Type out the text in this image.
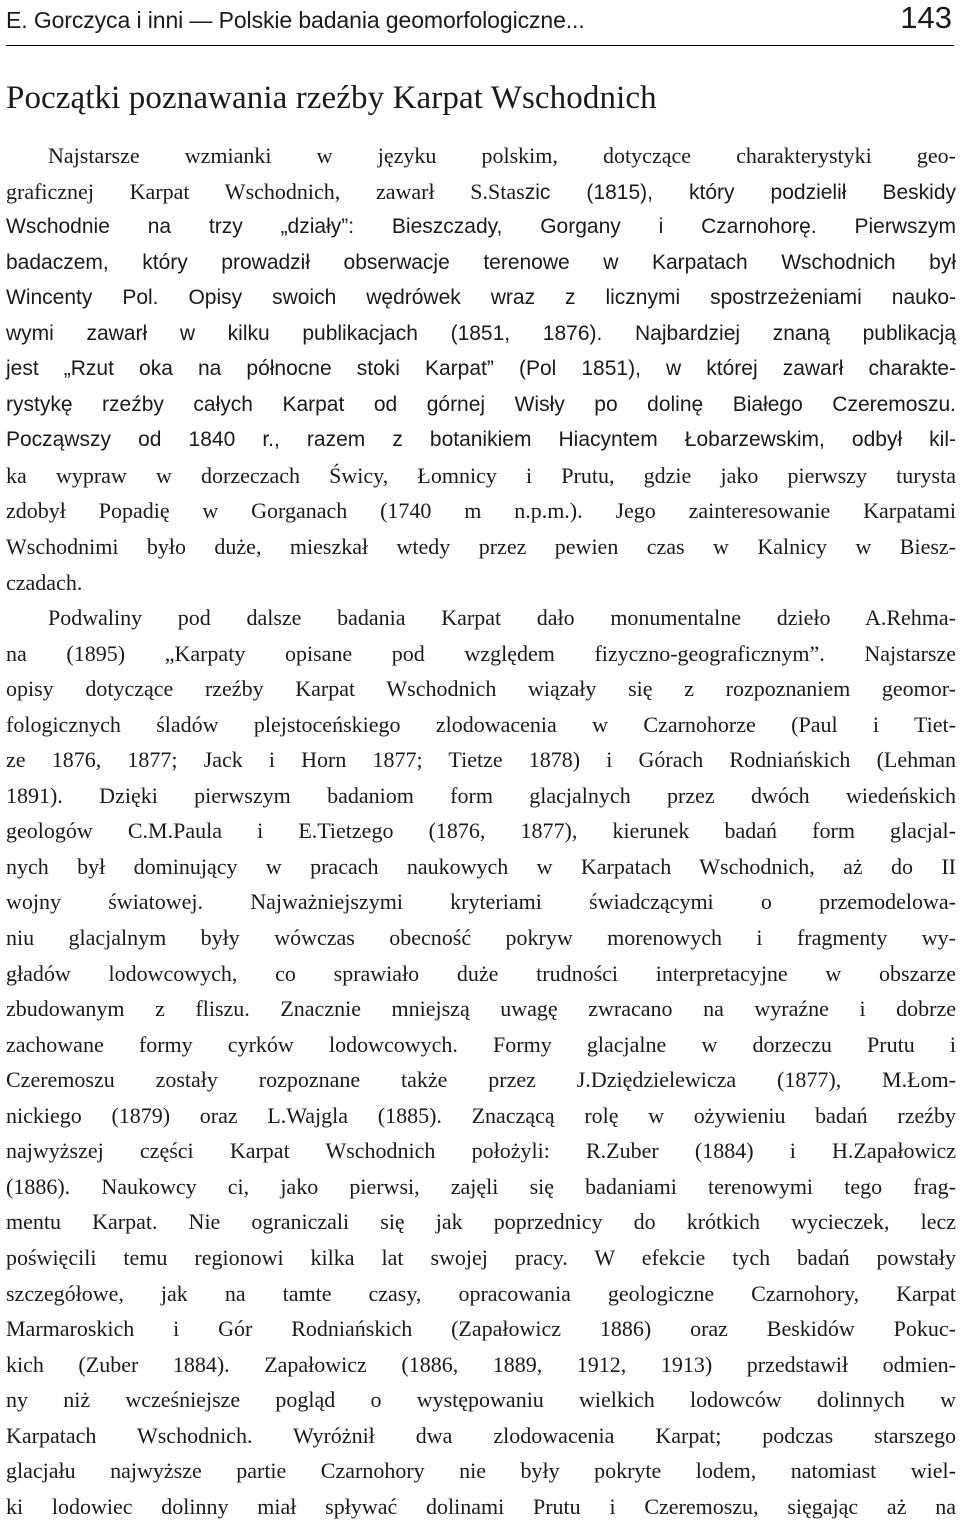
E. Gorczyca i inni — Polskie badania geomorfologiczne...	143
Początki poznawania rzeźby Karpat Wschodnich
Najstarsze wzmianki w języku polskim, dotyczące charakterystyki geo-
graficznej Karpat Wschodnich, zawarł S.Staszic (1815), który podzielił Beskidy
Wschodnie na trzy „działy”: Bieszczady, Gorgany i Czarnohorę. Pierwszym
badaczem, który prowadził obserwacje terenowe w Karpatach Wschodnich był
Wincenty Pol. Opisy swoich wędrówek wraz z licznymi spostrzeżeniami nauko-
wymi zawarł w kilku publikacjach (1851, 1876). Najbardziej znaną publikacją
jest „Rzut oka na północne stoki Karpat” (Pol 1851), w której zawarł charakte-
rystykę rzeźby całych Karpat od górnej Wisły po dolinę Białego Czeremoszu.
Począwszy od 1840 r., razem z botanikiem Hiacyntem Łobarzewskim, odbył kil-
ka wypraw w dorzeczach Świcy, Łomnicy i Prutu, gdzie jako pierwszy turysta
zdobył Popadię w Gorganach (1740 m n.p.m.). Jego zainteresowanie Karpatami
Wschodnimi było duże, mieszkał wtedy przez pewien czas w Kalnicy w Biesz-
czadach.
Podwaliny pod dalsze badania Karpat dało monumentalne dzieło A.Rehma-
na (1895) „Karpaty opisane pod względem fizyczno-geograficznym”. Najstarsze
opisy dotyczące rzeźby Karpat Wschodnich wiązały się z rozpoznaniem geomor-
fologicznych śladów plejstoceńskiego zlodowacenia w Czarnohorze (Paul i Tiet-
ze 1876, 1877; Jack i Horn 1877; Tietze 1878) i Górach Rodniańskich (Lehman
1891). Dzięki pierwszym badaniom form glacjalnych przez dwóch wiedeńskich
geologów C.M.Paula i E.Tietzego (1876, 1877), kierunek badań form glacjal-
nych był dominujący w pracach naukowych w Karpatach Wschodnich, aż do II
wojny światowej. Najważniejszymi kryteriami świadczącymi o przemodelowa-
niu glacjalnym były wówczas obecność pokryw morenowych i fragmenty wy-
gładów lodowcowych, co sprawiało duże trudności interpretacyjne w obszarze
zbudowanym z fliszu. Znacznie mniejszą uwagę zwracano na wyraźne i dobrze
zachowane formy cyrków lodowcowych. Formy glacjalne w dorzeczu Prutu i
Czeremoszu zostały rozpoznane także przez J.Dziędzielewicza (1877), M.Łom-
nickiego (1879) oraz L.Wajgla (1885). Znaczącą rolę w ożywieniu badań rzeźby
najwyższej części Karpat Wschodnich położyli: R.Zuber (1884) i H.Zapałowicz
(1886). Naukowcy ci, jako pierwsi, zajęli się badaniami terenowymi tego frag-
mentu Karpat. Nie ograniczali się jak poprzednicy do krótkich wycieczek, lecz
poświęcili temu regionowi kilka lat swojej pracy. W efekcie tych badań powstały
szczegółowe, jak na tamte czasy, opracowania geologiczne Czarnohory, Karpat
Marmaroskich i Gór Rodniańskich (Zapałowicz 1886) oraz Beskidów Pokuc-
kich (Zuber 1884). Zapałowicz (1886, 1889, 1912, 1913) przedstawił odmien-
ny niż wcześniejsze pogląd o występowaniu wielkich lodowców dolinnych w
Karpatach Wschodnich. Wyróżnił dwa zlodowacenia Karpat; podczas starszego
glacjału najwyższe partie Czarnohory nie były pokryte lodem, natomiast wiel-
ki lodowiec dolinny miał spływać dolinami Prutu i Czeremoszu, sięgając aż na
